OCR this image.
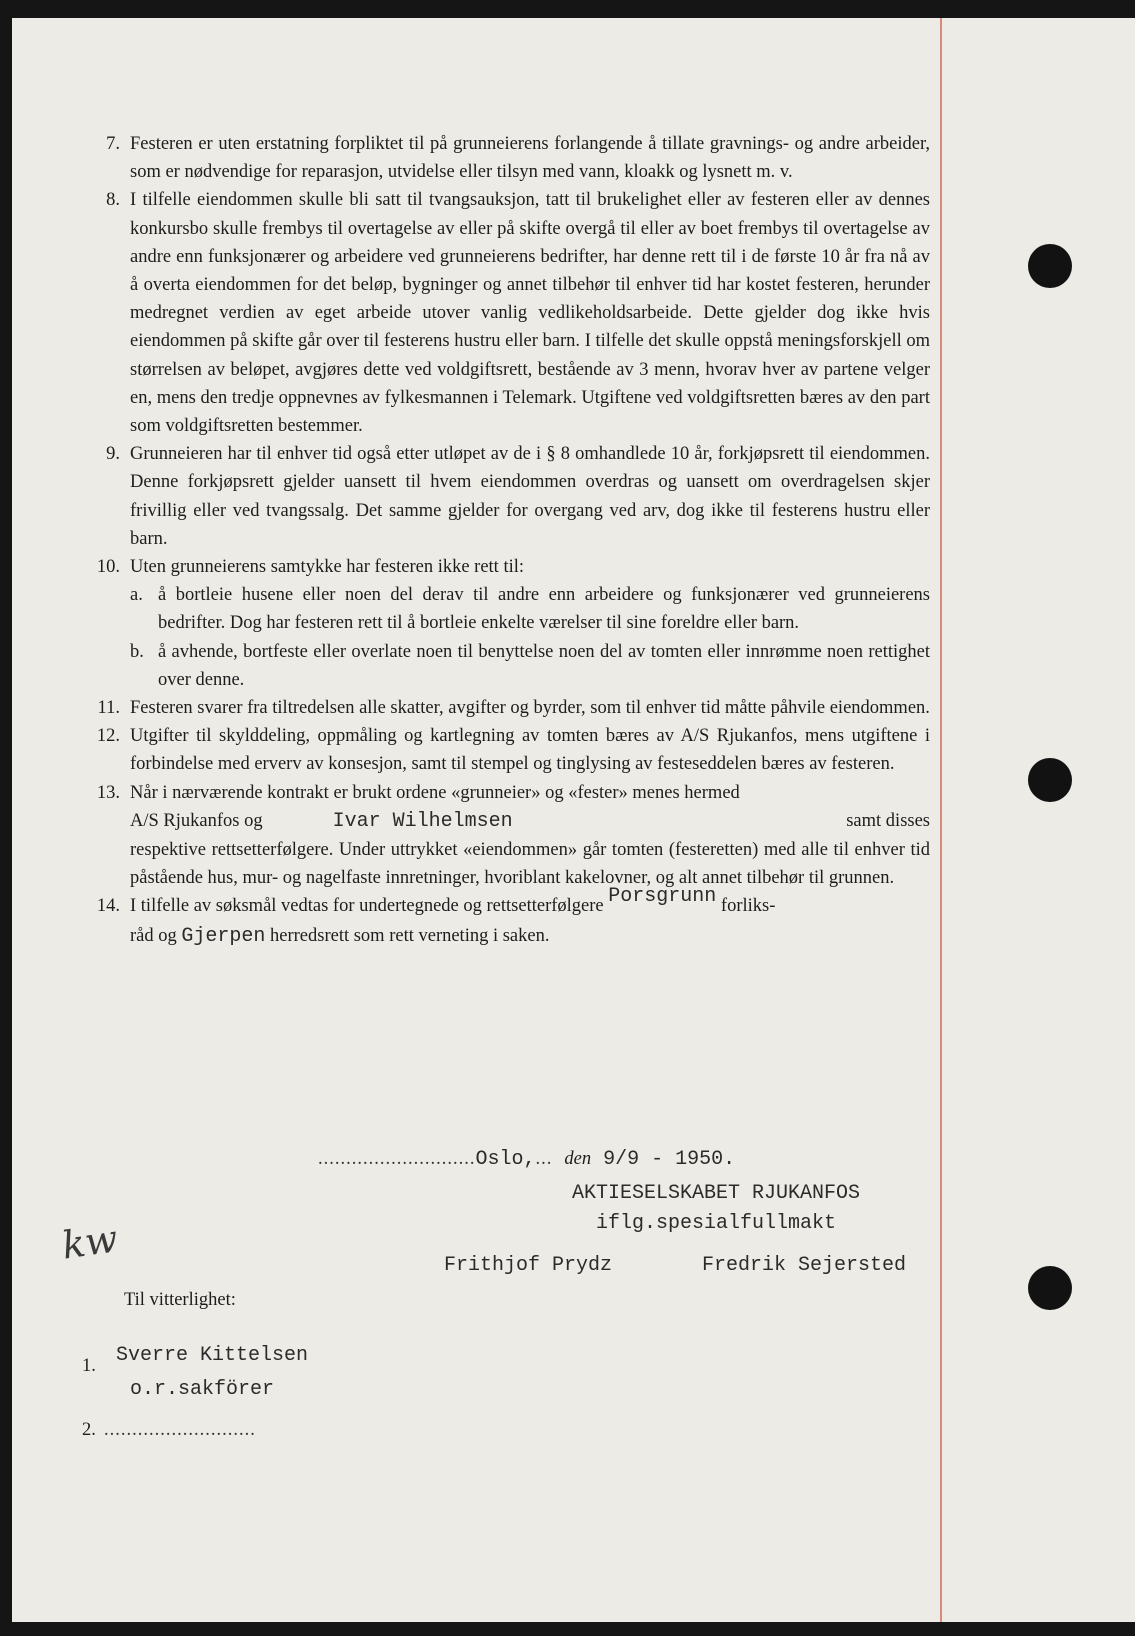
7. Festeren er uten erstatning forpliktet til på grunneierens forlangende å tillate gravnings- og andre arbeider, som er nødvendige for reparasjon, utvidelse eller tilsyn med vann, kloakk og lysnett m. v.
8. I tilfelle eiendommen skulle bli satt til tvangsauksjon, tatt til brukelighet eller av festeren eller av dennes konkursbo skulle frembys til overtagelse av eller på skifte overgå til eller av boet frembys til overtagelse av andre enn funksjonærer og arbeidere ved grunneierens bedrifter, har denne rett til i de første 10 år fra nå av å overta eiendommen for det beløp, bygninger og annet tilbehør til enhver tid har kostet festeren, herunder medregnet verdien av eget arbeide utover vanlig vedlikeholdsarbeide. Dette gjelder dog ikke hvis eiendommen på skifte går over til festerens hustru eller barn. I tilfelle det skulle oppstå meningsforskjell om størrelsen av beløpet, avgjøres dette ved voldgiftsrett, bestående av 3 menn, hvorav hver av partene velger en, mens den tredje oppnevnes av fylkesmannen i Telemark. Utgiftene ved voldgiftsretten bæres av den part som voldgiftsretten bestemmer.
9. Grunneieren har til enhver tid også etter utløpet av de i § 8 omhandlede 10 år, forkjøpsrett til eiendommen. Denne forkjøpsrett gjelder uansett til hvem eiendommen overdras og uansett om overdragelsen skjer frivillig eller ved tvangssalg. Det samme gjelder for overgang ved arv, dog ikke til festerens hustru eller barn.
10. Uten grunneierens samtykke har festeren ikke rett til:
a. å bortleie husene eller noen del derav til andre enn arbeidere og funksjonærer ved grunneierens bedrifter. Dog har festeren rett til å bortleie enkelte værelser til sine foreldre eller barn.
b. å avhende, bortfeste eller overlate noen til benyttelse noen del av tomten eller innrømme noen rettighet over denne.
11. Festeren svarer fra tiltredelsen alle skatter, avgifter og byrder, som til enhver tid måtte påhvile eiendommen.
12. Utgifter til skylddeling, oppmåling og kartlegning av tomten bæres av A/S Rjukanfos, mens utgiftene i forbindelse med erverv av konsesjon, samt til stempel og tinglysing av festeseddelen bæres av festeren.
13. Når i nærværende kontrakt er brukt ordene «grunneier» og «fester» menes hermed
A/S Rjukanfos og	Ivar Wilhelmsen	samt disses
respektive rettsetterfølgere. Under uttrykket «eiendommen» går tomten (festeretten) med alle til enhver tid påstående hus, mur- og nagelfaste innretninger, hvoriblant kakelovner, og alt annet tilbehør til grunnen.
14. I tilfelle av søksmål vedtas for undertegnede og rettsetterfølgere Porsgrunn forliks-
råd og Gjerpen herredsrett som rett verneting i saken.
............................Oslo,... den 9/9 - 1950.
AKTIESELSKABET RJUKANFOS
iflg.spesialfullmakt
Frithjof Prydz	Fredrik Sejersted
kw
Til vitterlighet:
1. Sverre Kittelsen
o.r.sakförer
2. ...........................
